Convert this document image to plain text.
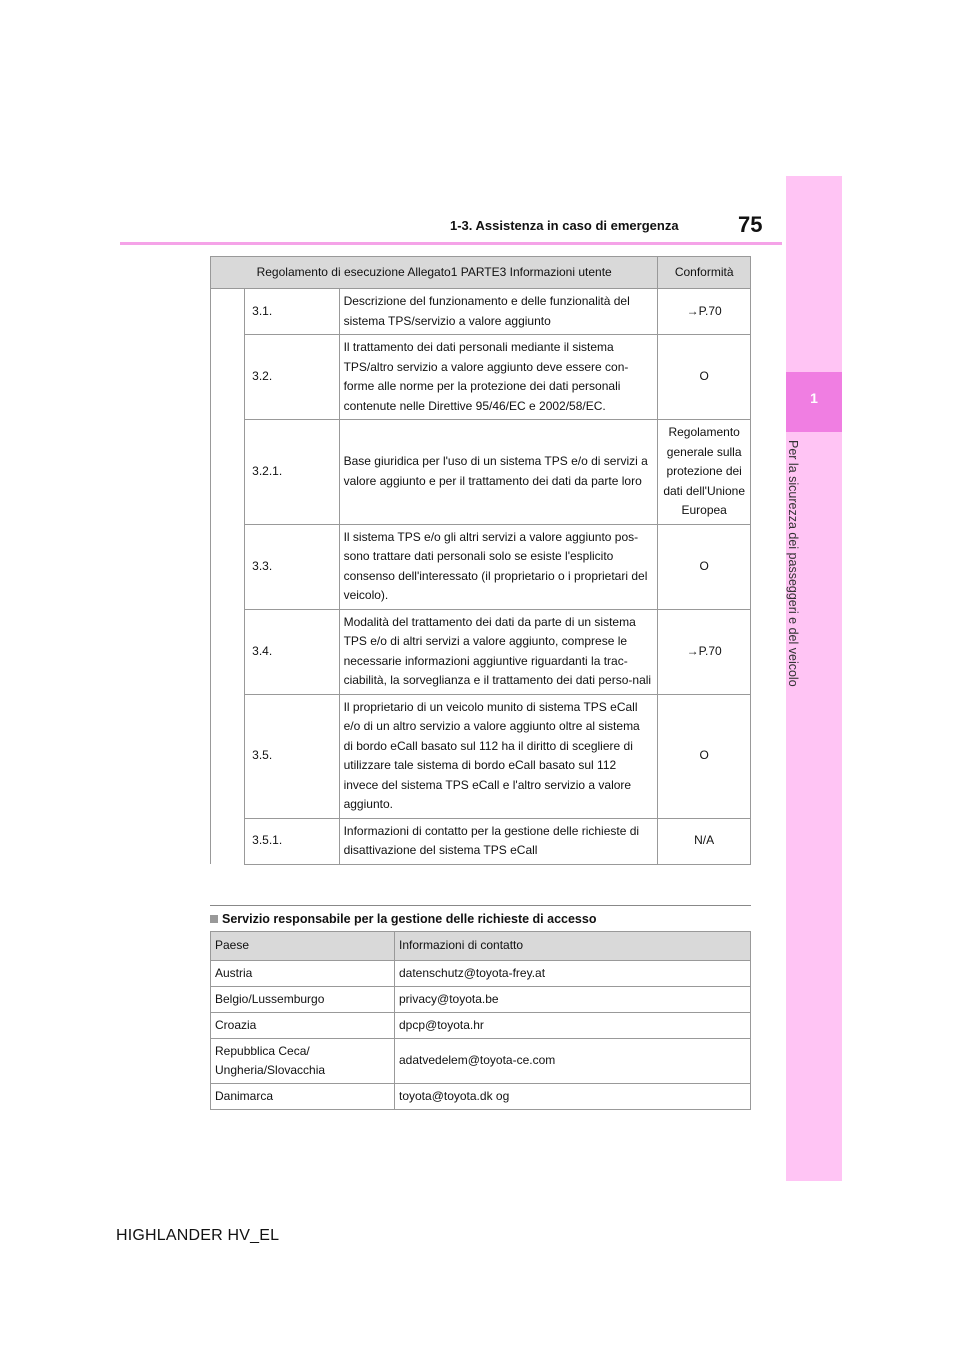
1-3. Assistenza in caso di emergenza	75
1
Per la sicurezza dei passeggeri e del veicolo
Regolamento di esecuzione Allegato1 PARTE3 Informazioni utente			Conformità
	3.1.	Descrizione del funzionamento e delle funzionalità del sistema TPS/servizio a valore aggiunto	→P.70
	3.2.	Il trattamento dei dati personali mediante il sistema TPS/altro servizio a valore aggiunto deve essere con-forme alle norme per la protezione dei dati personali contenute nelle Direttive 95/46/EC e 2002/58/EC.	O
	3.2.1.	Base giuridica per l'uso di un sistema TPS e/o di servizi a valore aggiunto e per il trattamento dei dati da parte loro	Regolamento generale sulla protezione dei dati dell'Unione Europea
	3.3.	Il sistema TPS e/o gli altri servizi a valore aggiunto pos-sono trattare dati personali solo se esiste l'esplicito consenso dell'interessato (il proprietario o i proprietari del veicolo).	O
	3.4.	Modalità del trattamento dei dati da parte di un sistema TPS e/o di altri servizi a valore aggiunto, comprese le necessarie informazioni aggiuntive riguardanti la trac-ciabilità, la sorveglianza e il trattamento dei dati perso-nali	→P.70
	3.5.	Il proprietario di un veicolo munito di sistema TPS eCall e/o di un altro servizio a valore aggiunto oltre al sistema di bordo eCall basato sul 112 ha il diritto di scegliere di utilizzare tale sistema di bordo eCall basato sul 112 invece del sistema TPS eCall e l'altro servizio a valore aggiunto.	O
	3.5.1.	Informazioni di contatto per la gestione delle richieste di disattivazione del sistema TPS eCall	N/A
Servizio responsabile per la gestione delle richieste di accesso
Paese	Informazioni di contatto
Austria	datenschutz@toyota-frey.at
Belgio/Lussemburgo	privacy@toyota.be
Croazia	dpcp@toyota.hr
Repubblica Ceca/
Ungheria/Slovacchia	adatvedelem@toyota-ce.com
Danimarca	toyota@toyota.dk og
HIGHLANDER HV_EL
